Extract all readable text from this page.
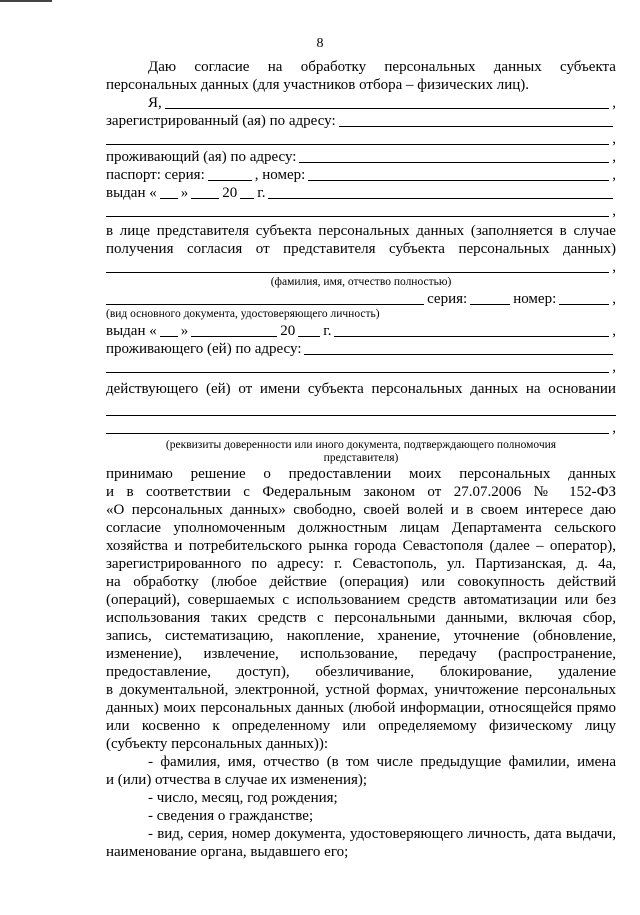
8
Даю согласие на обработку персональных данных субъекта
персональных данных (для участников отбора – физических лиц).
Я,	,
зарегистрированный (ая) по адресу:
,
проживающий (ая) по адресу:	,
паспорт: серия:	, номер:	,
выдан « » 20 г.
,
в лице представителя субъекта персональных данных (заполняется в случае
получения согласия от представителя субъекта персональных данных)
,
(фамилия, имя, отчество полностью)
серия:	номер:	,
(вид основного документа, удостоверяющего личность)
выдан « »	20 г.	,
проживающего (ей) по адресу:
,
действующего (ей) от имени субъекта персональных данных на основании
,
(реквизиты доверенности или иного документа, подтверждающего полномочия
представителя)
принимаю решение о предоставлении моих персональных данных
и в соответствии с Федеральным законом от 27.07.2006 № 152-ФЗ
«О персональных данных» свободно, своей волей и в своем интересе даю
согласие уполномоченным должностным лицам Департамента сельского
хозяйства и потребительского рынка города Севастополя (далее – оператор),
зарегистрированного по адресу: г. Севастополь, ул. Партизанская, д. 4а,
на обработку (любое действие (операция) или совокупность действий
(операций), совершаемых с использованием средств автоматизации или без
использования таких средств с персональными данными, включая сбор,
запись, систематизацию, накопление, хранение, уточнение (обновление,
изменение), извлечение, использование, передачу (распространение,
предоставление, доступ), обезличивание, блокирование, удаление
в документальной, электронной, устной формах, уничтожение персональных
данных) моих персональных данных (любой информации, относящейся прямо
или косвенно к определенному или определяемому физическому лицу
(субъекту персональных данных)):
- фамилия, имя, отчество (в том числе предыдущие фамилии, имена
и (или) отчества в случае их изменения);
- число, месяц, год рождения;
- сведения о гражданстве;
- вид, серия, номер документа, удостоверяющего личность, дата выдачи,
наименование органа, выдавшего его;
